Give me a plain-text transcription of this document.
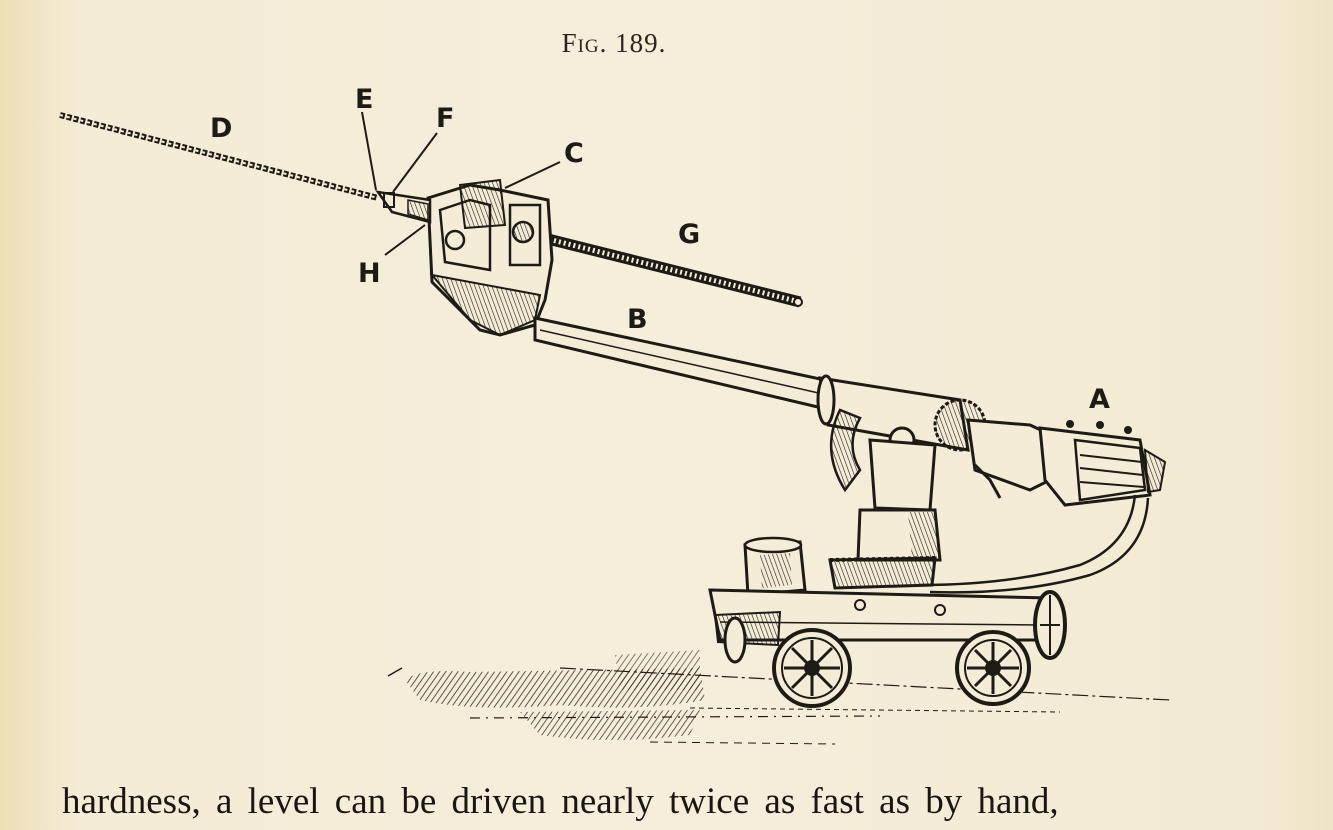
Fig. 189.
D
E
F
C
G
H
B
A
hardness, a level can be driven nearly twice as fast as by hand,
